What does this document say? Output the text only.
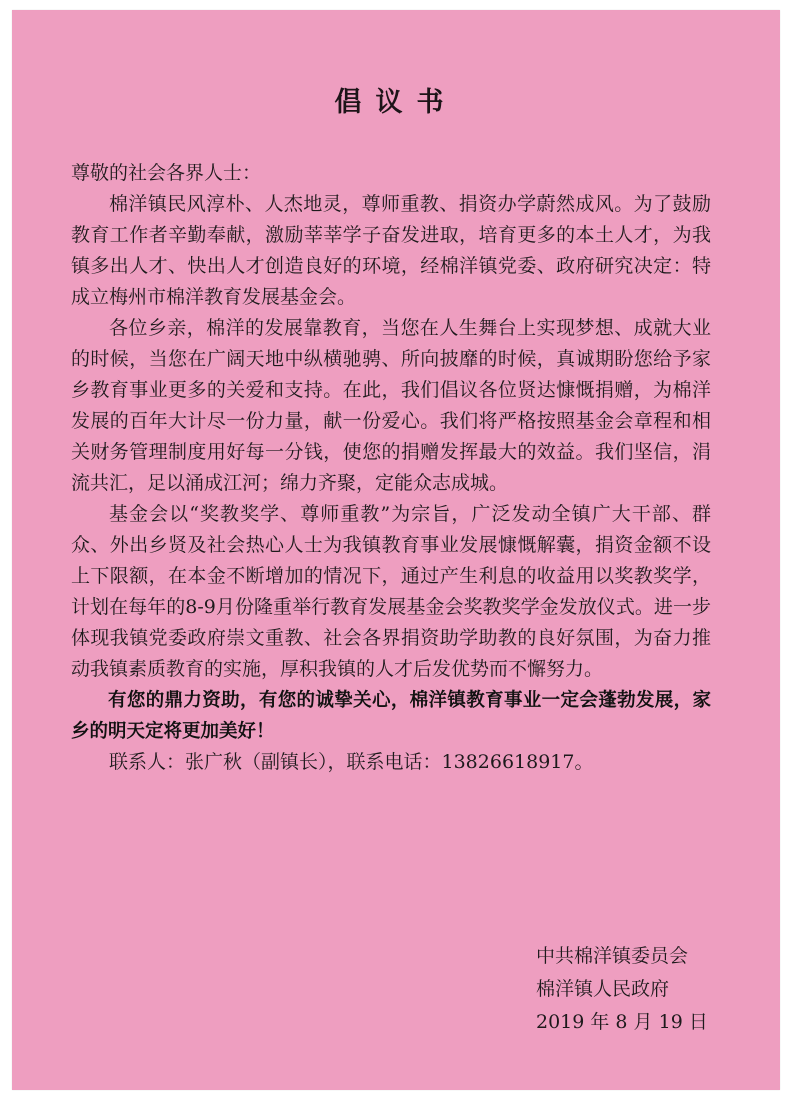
倡议书

尊敬的社会各界人士：

棉洋镇民风淳朴、人杰地灵，尊师重教、捐资办学蔚然成风。为了鼓励教育工作者辛勤奉献，激励莘莘学子奋发进取，培育更多的本土人才，为我镇多出人才、快出人才创造良好的环境，经棉洋镇党委、政府研究决定：特成立梅州市棉洋教育发展基金会。

各位乡亲，棉洋的发展靠教育，当您在人生舞台上实现梦想、成就大业的时候，当您在广阔天地中纵横驰骋、所向披靡的时候，真诚期盼您给予家乡教育事业更多的关爱和支持。在此，我们倡议各位贤达慷慨捐赠，为棉洋发展的百年大计尽一份力量，献一份爱心。我们将严格按照基金会章程和相关财务管理制度用好每一分钱，使您的捐赠发挥最大的效益。我们坚信，涓流共汇，足以涌成江河；绵力齐聚，定能众志成城。

基金会以“奖教奖学、尊师重教”为宗旨，广泛发动全镇广大干部、群众、外出乡贤及社会热心人士为我镇教育事业发展慷慨解囊，捐资金额不设上下限额，在本金不断增加的情况下，通过产生利息的收益用以奖教奖学，计划在每年的8-9月份隆重举行教育发展基金会奖教奖学金发放仪式。进一步体现我镇党委政府崇文重教、社会各界捐资助学助教的良好氛围，为奋力推动我镇素质教育的实施，厚积我镇的人才后发优势而不懈努力。

有您的鼎力资助，有您的诚挚关心，棉洋镇教育事业一定会蓬勃发展，家乡的明天定将更加美好！

联系人：张广秋（副镇长），联系电话：13826618917。

中共棉洋镇委员会
棉洋镇人民政府
2019 年 8 月 19 日
